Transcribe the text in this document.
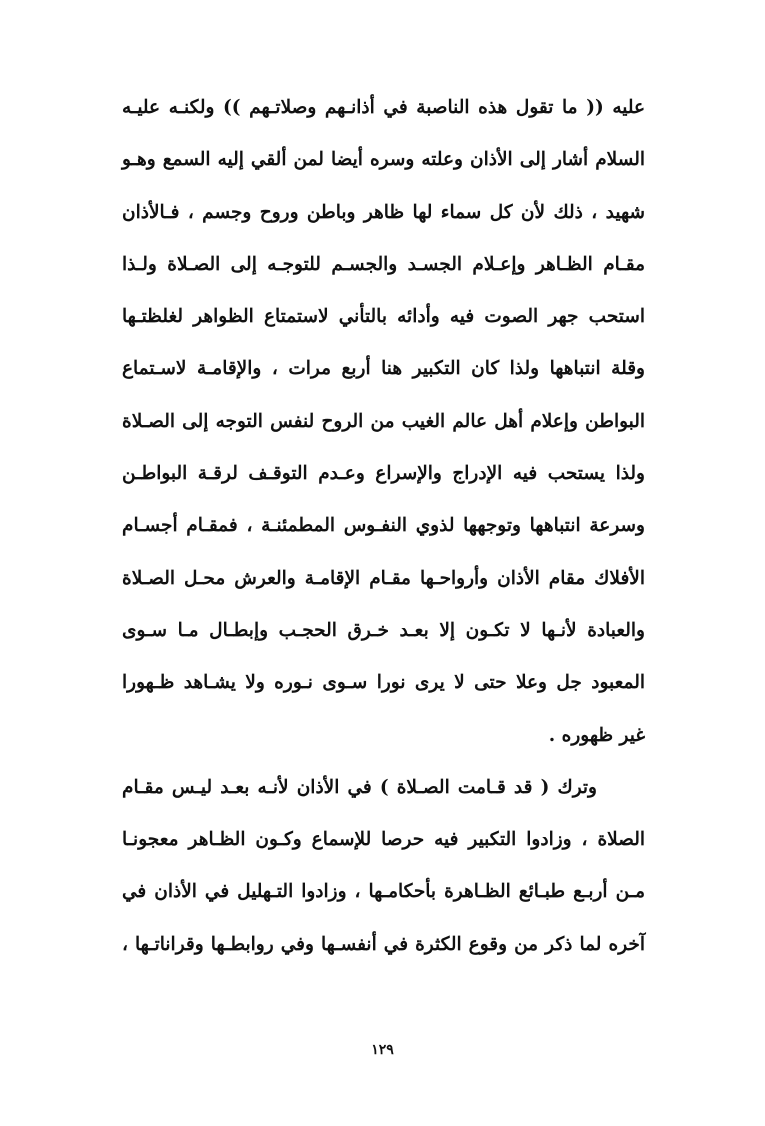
عليه (( ما تقول هذه الناصبة في أذانـهم وصلاتـهم )) ولكنـه عليـه
السلام أشار إلى الأذان وعلته وسره أيضا لمن ألقي إليه السمع وهـو
شهيد ، ذلك لأن كل سماء لها ظاهر وباطن وروح وجسم ، فـالأذان
مقـام الظـاهر وإعـلام الجسـد والجسـم للتوجـه إلى الصـلاة ولـذا
استحب جهر الصوت فيه وأدائه بالتأني لاستمتاع الظواهر لغلظتـها
وقلة انتباهها ولذا كان التكبير هنا أربع مرات ، والإقامـة لاسـتماع
البواطن وإعلام أهل عالم الغيب من الروح لنفس التوجه إلى الصـلاة
ولذا يستحب فيه الإدراج والإسراع وعـدم التوقـف لرقـة البواطـن
وسرعة انتباهها وتوجهها لذوي النفـوس المطمئنـة ، فمقـام أجسـام
الأفلاك مقام الأذان وأرواحـها مقـام الإقامـة والعرش محـل الصـلاة
والعبادة لأنـها لا تكـون إلا بعـد خـرق الحجـب وإبطـال مـا سـوى
المعبود جل وعلا حتى لا يرى نورا سـوى نـوره ولا يشـاهد ظـهورا
غير ظهوره .
وترك ( قد قـامت الصـلاة ) في الأذان لأنـه بعـد ليـس مقـام
الصلاة ، وزادوا التكبير فيه حرصا للإسماع وكـون الظـاهر معجونـا
مـن أربـع طبـائع الظـاهرة بأحكامـها ، وزادوا التـهليل في الأذان في
آخره لما ذكر من وقوع الكثرة في أنفسـها وفي روابطـها وقراناتـها ،
١٢٩
